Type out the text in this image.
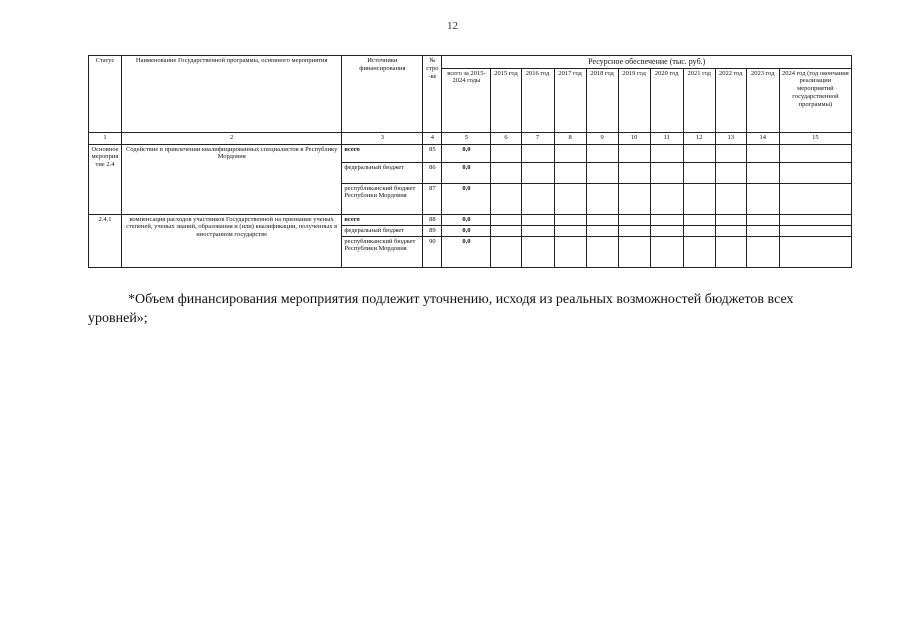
12
Статус	Наименование Государственной программы, основного мероприятия	Источники финансирования	№ стро-ке	Ресурсное обеспечение (тыс. руб.)										
				всего за 2015-2024 годы	2015 год	2016 год	2017 год	2018 год	2019 год	2020 год	2021 год	2022 год	2023 год	2024 год (год окончания реализации мероприятий государственной программы)
1	2	3	4	5	6	7	8	9	10	11	12	13	14	15
Основное мероприятие 2.4	Содействие в привлечении квалифицированных специалистов в Республику Мордовия	всего	85	0,0										
		федеральный бюджет	86	0,0										
		республиканский бюджет Республики Мордовия	87	0,0										
2.4.1	компенсация расходов участников Государственной на признание ученых степеней, ученых званий, образования и (или) квалификации, полученных в иностранном государстве	всего	88	0,0										
		федеральный бюджет	89	0,0										
		республиканский бюджет Республики Мордовия	90	0,0										

*Объем финансирования мероприятия подлежит уточнению, исходя из реальных возможностей бюджетов всех уровней»;
